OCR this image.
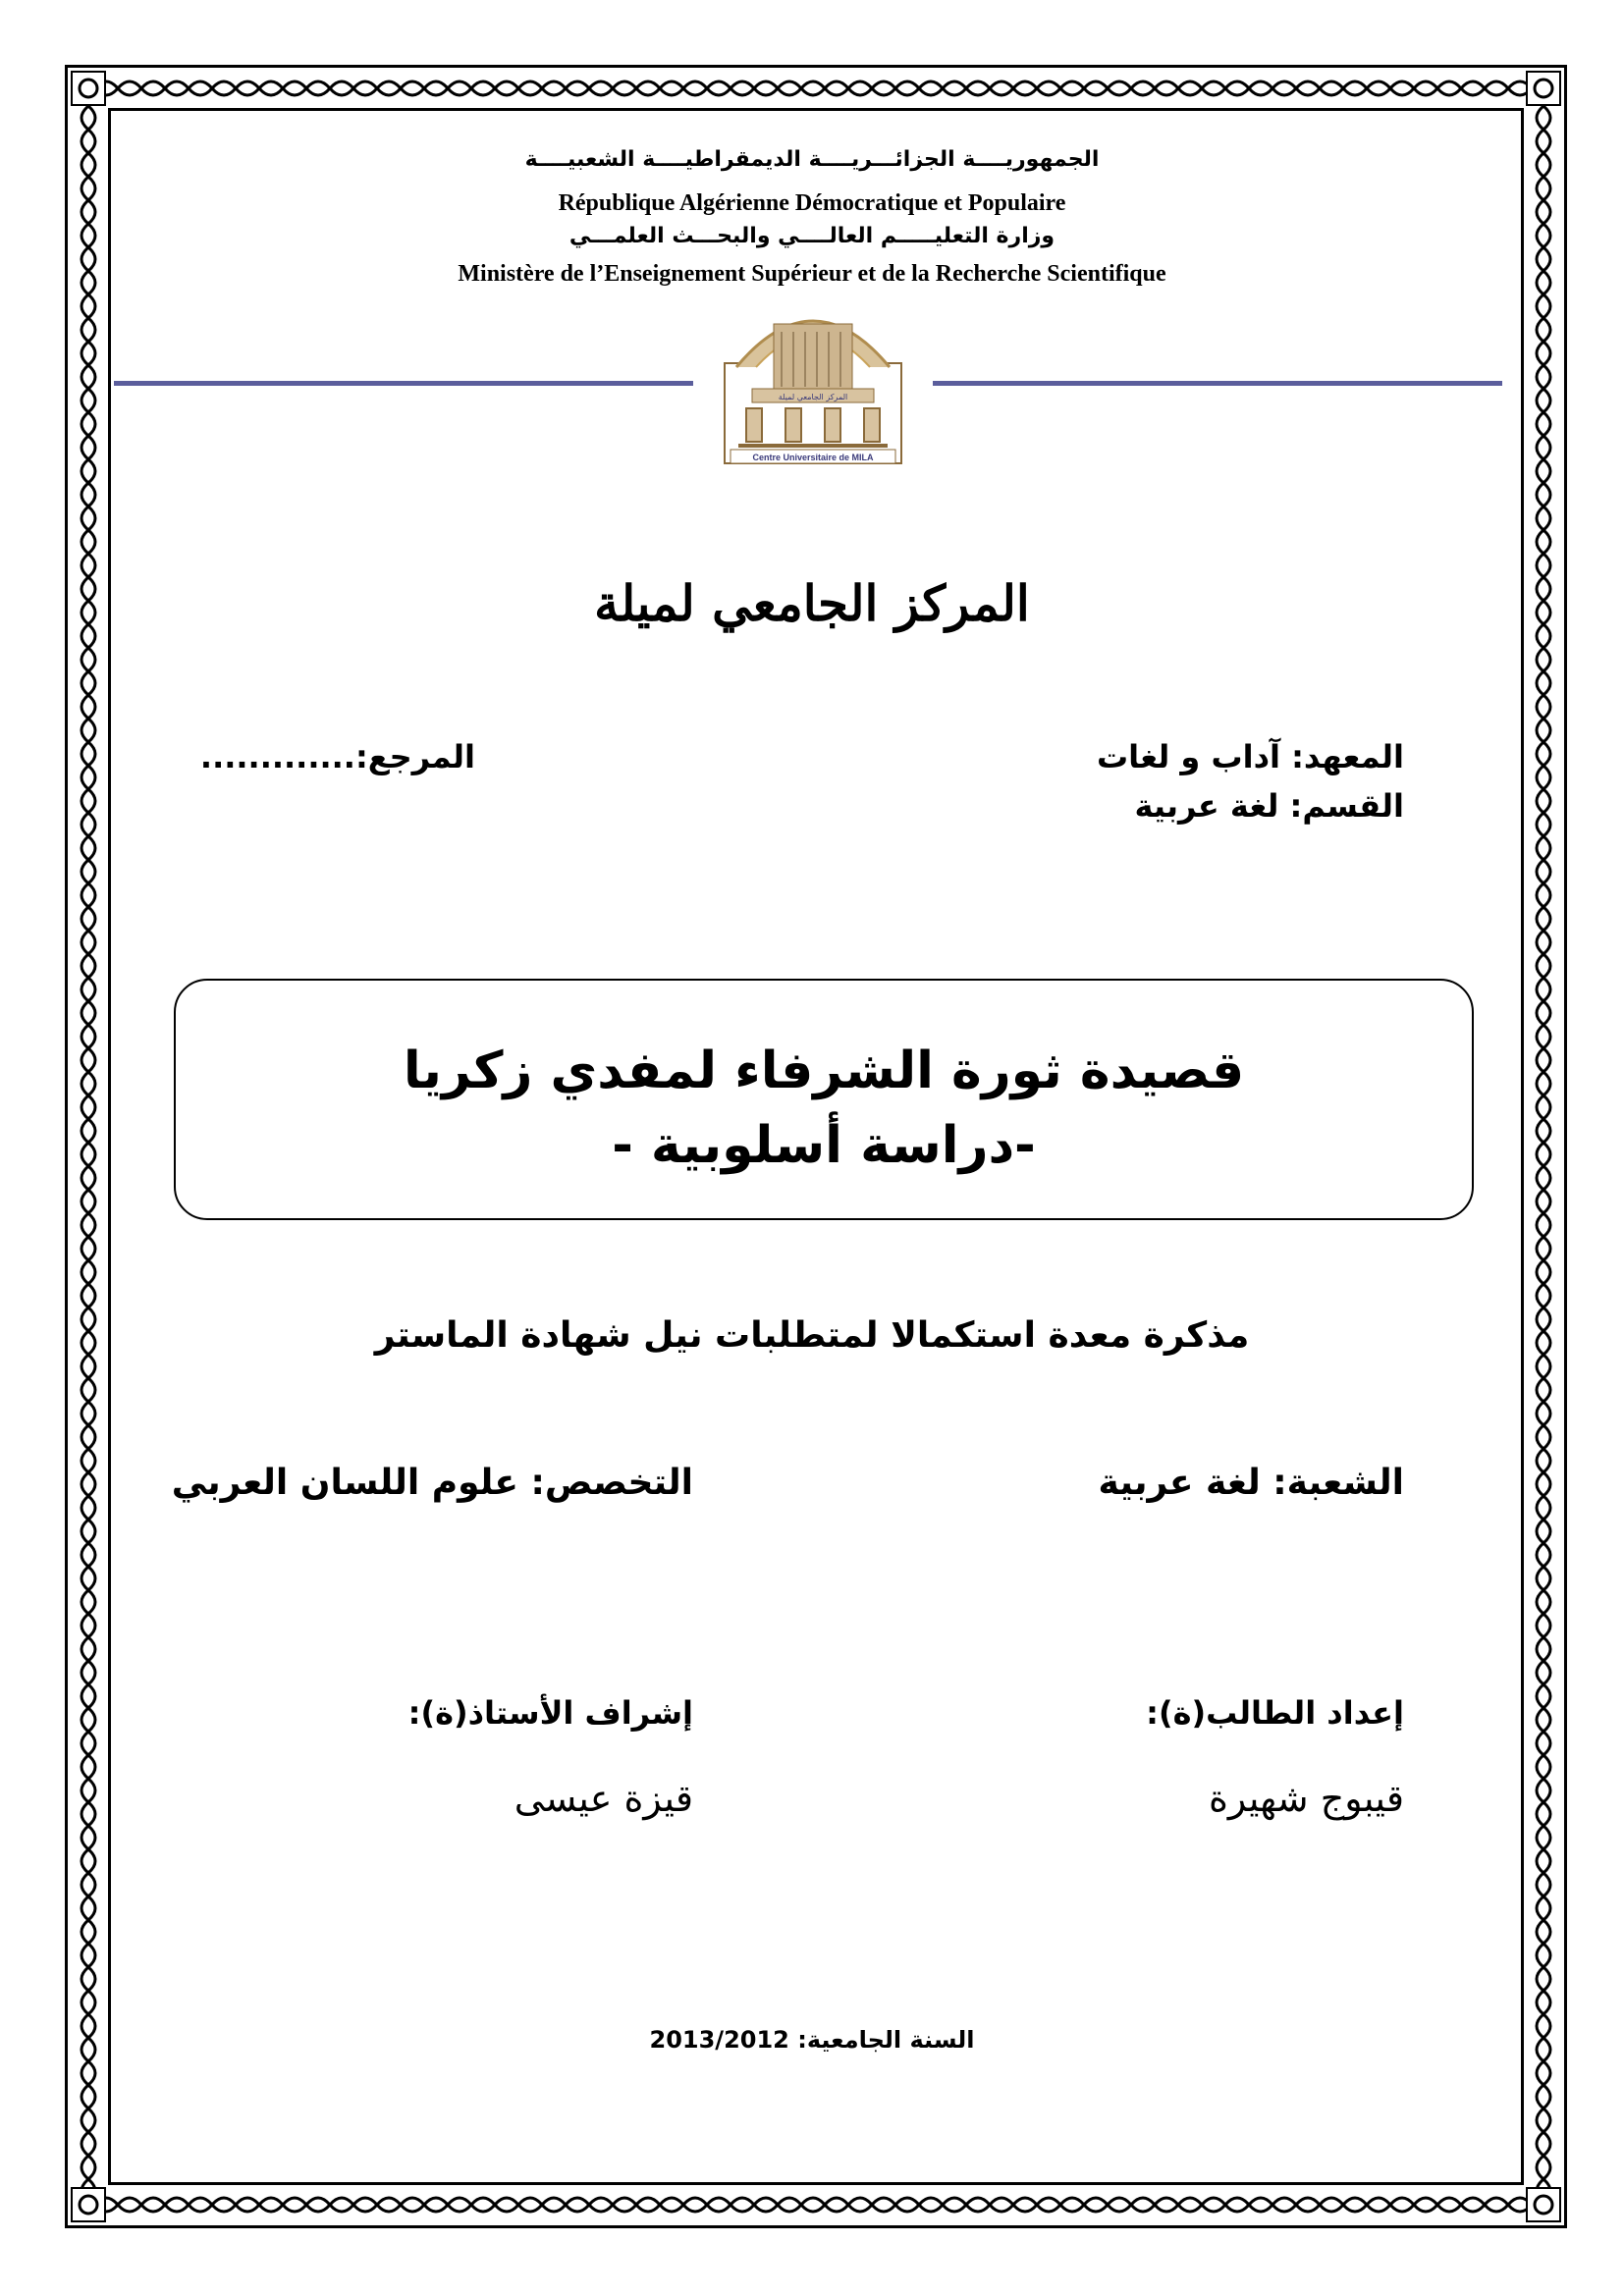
الجمهوريــــة الجزائـــريــــة الديمقراطيــــة الشعبيــــة
République Algérienne Démocratique et Populaire
وزارة التعليـــــم العالــــي والبحـــث العلمـــي
Ministère de l’Enseignement Supérieur et de la Recherche Scientifique
Centre Universitaire de MILA
المركز الجامعي لميلة
المركز الجامعي لميلة
المعهد: آداب و لغات
القسم: لغة عربية
المرجع:.............
قصيدة ثورة الشرفاء لمفدي زكريا
-دراسة أسلوبية -
مذكرة معدة استكمالا لمتطلبات نيل شهادة الماستر
الشعبة: لغة عربية
التخصص: علوم اللسان العربي
إعداد الطالب(ة):
إشراف الأستاذ(ة):
قيبوج شهيرة
قيزة عيسى
السنة الجامعية: 2013/2012
